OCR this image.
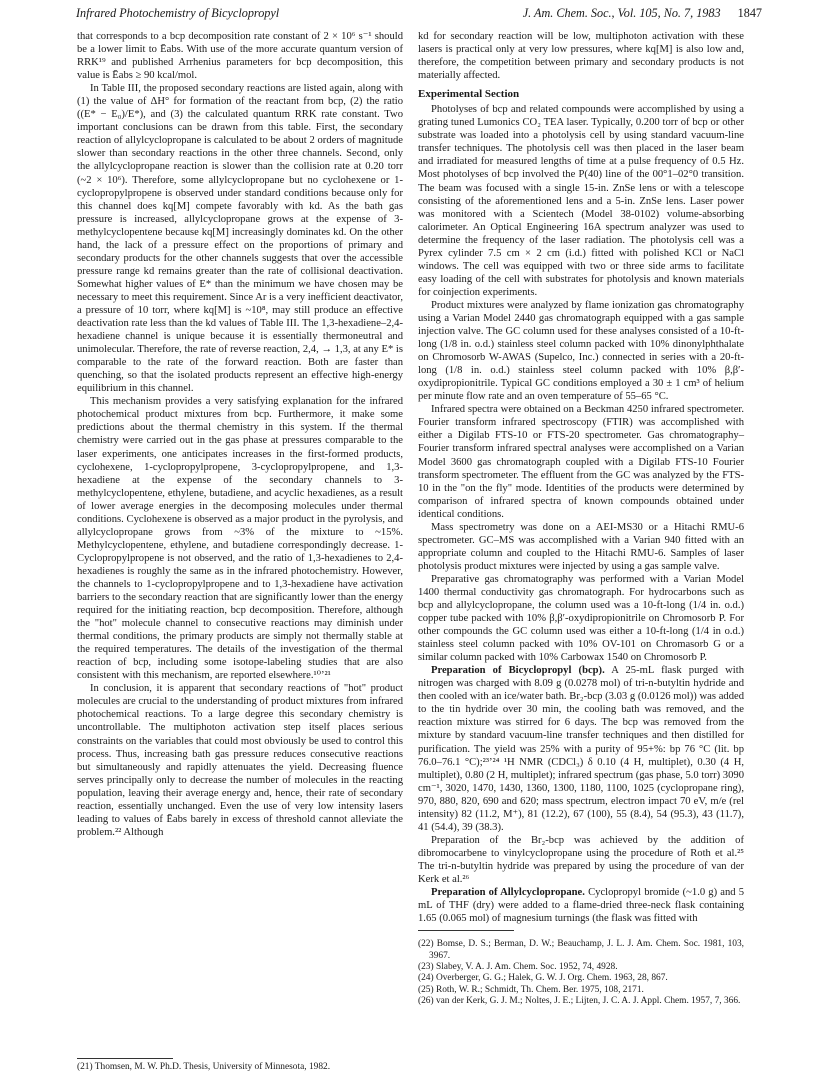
Infrared Photochemistry of Bicyclopropyl	J. Am. Chem. Soc., Vol. 105, No. 7, 1983 1847

that corresponds to a bcp decomposition rate constant of 2 × 10⁶ s⁻¹ should be a lower limit to Ēabs. With use of the more accurate quantum version of RRK¹⁹ and published Arrhenius parameters for bcp decomposition, this value is Ēabs ≥ 90 kcal/mol.

In Table III, the proposed secondary reactions are listed again, along with (1) the value of ΔH° for formation of the reactant from bcp, (2) the ratio ((E* − E₀)/E*), and (3) the calculated quantum RRK rate constant. Two important conclusions can be drawn from this table. First, the secondary reaction of allylcyclopropane is calculated to be about 2 orders of magnitude slower than secondary reactions in the other three channels. Second, only the allylcyclopropane reaction is slower than the collision rate at 0.20 torr (~2 × 10⁶). Therefore, some allylcyclopropane but no cyclohexene or 1-cyclopropylpropene is observed under standard conditions because only for this channel does kq[M] compete favorably with kd. As the bath gas pressure is increased, allylcyclopropane grows at the expense of 3-methylcyclopentene because kq[M] increasingly dominates kd. On the other hand, the lack of a pressure effect on the proportions of primary and secondary products for the other channels suggests that over the accessible pressure range kd remains greater than the rate of collisional deactivation. Somewhat higher values of E* than the minimum we have chosen may be necessary to meet this requirement. Since Ar is a very inefficient deactivator, a pressure of 10 torr, where kq[M] is ~10⁸, may still produce an effective deactivation rate less than the kd values of Table III. The 1,3-hexadiene–2,4-hexadiene channel is unique because it is essentially thermoneutral and unimolecular. Therefore, the rate of reverse reaction, 2,4, → 1,3, at any E* is comparable to the rate of the forward reaction. Both are faster than quenching, so that the isolated products represent an effective high-energy equilibrium in this channel.

This mechanism provides a very satisfying explanation for the infrared photochemical product mixtures from bcp. Furthermore, it make some predictions about the thermal chemistry in this system. If the thermal chemistry were carried out in the gas phase at pressures comparable to the laser experiments, one anticipates increases in the first-formed products, cyclohexene, 1-cyclopropylpropene, 3-cyclopropylpropene, and 1,3-hexadiene at the expense of the secondary channels to 3-methylcyclopentene, ethylene, butadiene, and acyclic hexadienes, as a result of lower average energies in the decomposing molecules under thermal conditions. Cyclohexene is observed as a major product in the pyrolysis, and allylcyclopropane grows from ~3% of the mixture to ~15%. Methylcyclopentene, ethylene, and butadiene correspondingly decrease. 1-Cyclopropylpropene is not observed, and the ratio of 1,3-hexadienes to 2,4-hexadienes is roughly the same as in the infrared photochemistry. However, the channels to 1-cyclopropylpropene and to 1,3-hexadiene have activation barriers to the secondary reaction that are significantly lower than the energy required for the initiating reaction, bcp decomposition. Therefore, although the "hot" molecule channel to consecutive reactions may diminish under thermal conditions, the primary products are simply not thermally stable at the required temperatures. The details of the investigation of the thermal reaction of bcp, including some isotope-labeling studies that are also consistent with this mechanism, are reported elsewhere.¹⁰ʼ²¹

In conclusion, it is apparent that secondary reactions of "hot" product molecules are crucial to the understanding of product mixtures from infrared photochemical reactions. To a large degree this secondary chemistry is uncontrollable. The multiphoton activation step itself places serious constraints on the variables that could most obviously be used to control this process. Thus, increasing bath gas pressure reduces consecutive reactions but simultaneously and rapidly attenuates the yield. Decreasing fluence serves principally only to decrease the number of molecules in the reacting population, leaving their average energy and, hence, their rate of secondary reaction, essentially unchanged. Even the use of very low intensity lasers leading to values of Ēabs barely in excess of threshold cannot alleviate the problem.²² Although

(21) Thomsen, M. W. Ph.D. Thesis, University of Minnesota, 1982.

kd for secondary reaction will be low, multiphoton activation with these lasers is practical only at very low pressures, where kq[M] is also low and, therefore, the competition between primary and secondary products is not materially affected.

Experimental Section

Photolyses of bcp and related compounds were accomplished by using a grating tuned Lumonics CO₂ TEA laser. Typically, 0.200 torr of bcp or other substrate was loaded into a photolysis cell by using standard vacuum-line transfer techniques. The photolysis cell was then placed in the laser beam and irradiated for measured lengths of time at a pulse frequency of 0.5 Hz. Most photolyses of bcp involved the P(40) line of the 00°1–02°0 transition. The beam was focused with a single 15-in. ZnSe lens or with a telescope consisting of the aforementioned lens and a 5-in. ZnSe lens. Laser power was monitored with a Scientech (Model 38-0102) volume-absorbing calorimeter. An Optical Engineering 16A spectrum analyzer was used to determine the frequency of the laser radiation. The photolysis cell was a Pyrex cylinder 7.5 cm × 2 cm (i.d.) fitted with polished KCl or NaCl windows. The cell was equipped with two or three side arms to facilitate easy loading of the cell with substrates for photolysis and known materials for coinjection experiments.

Product mixtures were analyzed by flame ionization gas chromatography using a Varian Model 2440 gas chromatograph equipped with a gas sample injection valve. The GC column used for these analyses consisted of a 10-ft-long (1/8 in. o.d.) stainless steel column packed with 10% dinonylphthalate on Chromosorb W-AWAS (Supelco, Inc.) connected in series with a 20-ft-long (1/8 in. o.d.) stainless steel column packed with 10% β,β′-oxydipropionitrile. Typical GC conditions employed a 30 ± 1 cm³ of helium per minute flow rate and an oven temperature of 55–65 °C.

Infrared spectra were obtained on a Beckman 4250 infrared spectrometer. Fourier transform infrared spectroscopy (FTIR) was accomplished with either a Digilab FTS-10 or FTS-20 spectrometer. Gas chromatography–Fourier transform infrared spectral analyses were accomplished on a Varian Model 3600 gas chromatograph coupled with a Digilab FTS-10 Fourier transform spectrometer. The effluent from the GC was analyzed by the FTS-10 in the "on the fly" mode. Identities of the products were determined by comparison of infrared spectra of known compounds obtained under identical conditions.

Mass spectrometry was done on a AEI-MS30 or a Hitachi RMU-6 spectrometer. GC–MS was accomplished with a Varian 940 fitted with an appropriate column and coupled to the Hitachi RMU-6. Samples of laser photolysis product mixtures were injected by using a gas sample valve.

Preparative gas chromatography was performed with a Varian Model 1400 thermal conductivity gas chromatograph. For hydrocarbons such as bcp and allylcyclopropane, the column used was a 10-ft-long (1/4 in. o.d.) copper tube packed with 10% β,β′-oxydipropionitrile on Chromosorb P. For other compounds the GC column used was either a 10-ft-long (1/4 in o.d.) stainless steel column packed with 10% OV-101 on Chromasorb G or a similar column packed with 10% Carbowax 1540 on Chromosorb P.

Preparation of Bicyclopropyl (bcp). A 25-mL flask purged with nitrogen was charged with 8.09 g (0.0278 mol) of tri-n-butyltin hydride and then cooled with an ice/water bath. Br₂-bcp (3.03 g (0.0126 mol)) was added to the tin hydride over 30 min, the cooling bath was removed, and the reaction mixture was stirred for 6 days. The bcp was removed from the mixture by standard vacuum-line transfer techniques and then distilled for purification. The yield was 25% with a purity of 95+%: bp 76 °C (lit. bp 76.0–76.1 °C);²³ʼ²⁴ ¹H NMR (CDCl₃) δ 0.10 (4 H, multiplet), 0.30 (4 H, multiplet), 0.80 (2 H, multiplet); infrared spectrum (gas phase, 5.0 torr) 3090 cm⁻¹, 3020, 1470, 1430, 1360, 1300, 1180, 1100, 1025 (cyclopropane ring), 970, 880, 820, 690 and 620; mass spectrum, electron impact 70 eV, m/e (rel intensity) 82 (11.2, M⁺), 81 (12.2), 67 (100), 55 (8.4), 54 (95.3), 43 (11.7), 41 (54.4), 39 (38.3).

Preparation of the Br₂-bcp was achieved by the addition of dibromocarbene to vinylcyclopropane using the procedure of Roth et al.²⁵ The tri-n-butyltin hydride was prepared by using the procedure of van der Kerk et al.²⁶

Preparation of Allylcyclopropane. Cyclopropyl bromide (~1.0 g) and 5 mL of THF (dry) were added to a flame-dried three-neck flask containing 1.65 (0.065 mol) of magnesium turnings (the flask was fitted with

(22) Bomse, D. S.; Berman, D. W.; Beauchamp, J. L. J. Am. Chem. Soc. 1981, 103, 3967.
(23) Slabey, V. A. J. Am. Chem. Soc. 1952, 74, 4928.
(24) Overberger, G. G.; Halek, G. W. J. Org. Chem. 1963, 28, 867.
(25) Roth, W. R.; Schmidt, Th. Chem. Ber. 1975, 108, 2171.
(26) van der Kerk, G. J. M.; Noltes, J. E.; Lijten, J. C. A. J. Appl. Chem. 1957, 7, 366.
